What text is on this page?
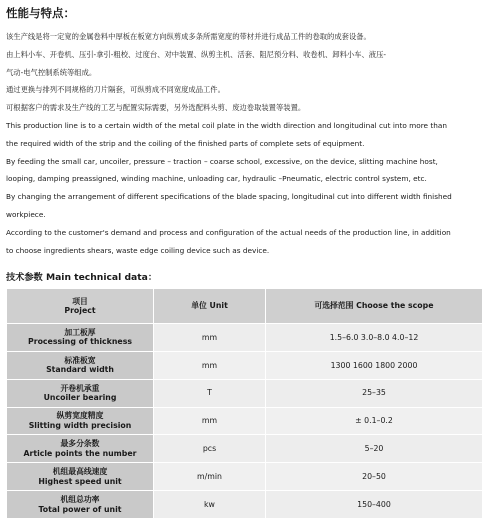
性能与特点：

该生产线是将一定宽的金属卷料中厚板在板宽方向纵剪成多条所需宽度的带材并进行成品工件的卷取的成套设备。

由上料小车、开卷机、压引-拿引-粗校、过度台、对中装置、纵剪主机、活套、阻尼预分料、收卷机、卸料小车、液压-

气动-电气控制系统等组成。

通过更换与排列不同规格的刀片隔套，可纵剪成不同宽度成品工件。

可根据客户的需求及生产线的工艺与配置实际需要，另外选配料头剪、废边卷取装置等装置。

This production line is to a certain width of the metal coil plate in the width direction and longitudinal cut into more than

the required width of the strip and the coiling of the finished parts of complete sets of equipment.

By feeding the small car, uncoiler, pressure – traction – coarse school, excessive, on the device, slitting machine host,

looping, damping preassigned, winding machine, unloading car, hydraulic –Pneumatic, electric control system, etc.

By changing the arrangement of different specifications of the blade spacing, longitudinal cut into different width finished

workpiece.

According to the customer's demand and process and configuration of the actual needs of the production line, in addition

to choose ingredients shears, waste edge coiling device such as device.

技术参数 Main technical data：
项目
Project	单位 Unit	可选择范围 Choose the scope

加工板厚
Processing of thickness	mm	1.5–6.0 3.0–8.0 4.0–12

标准板宽
Standard width	mm	1300 1600 1800 2000

开卷机承重
Uncoiler bearing	T	25–35

纵剪宽度精度
Slitting width precision	mm	± 0.1–0.2

最多分条数
Article points the number	pcs	5–20

机组最高线速度
Highest speed unit	m/min	20–50

机组总功率
Total power of unit	kw	150–400
